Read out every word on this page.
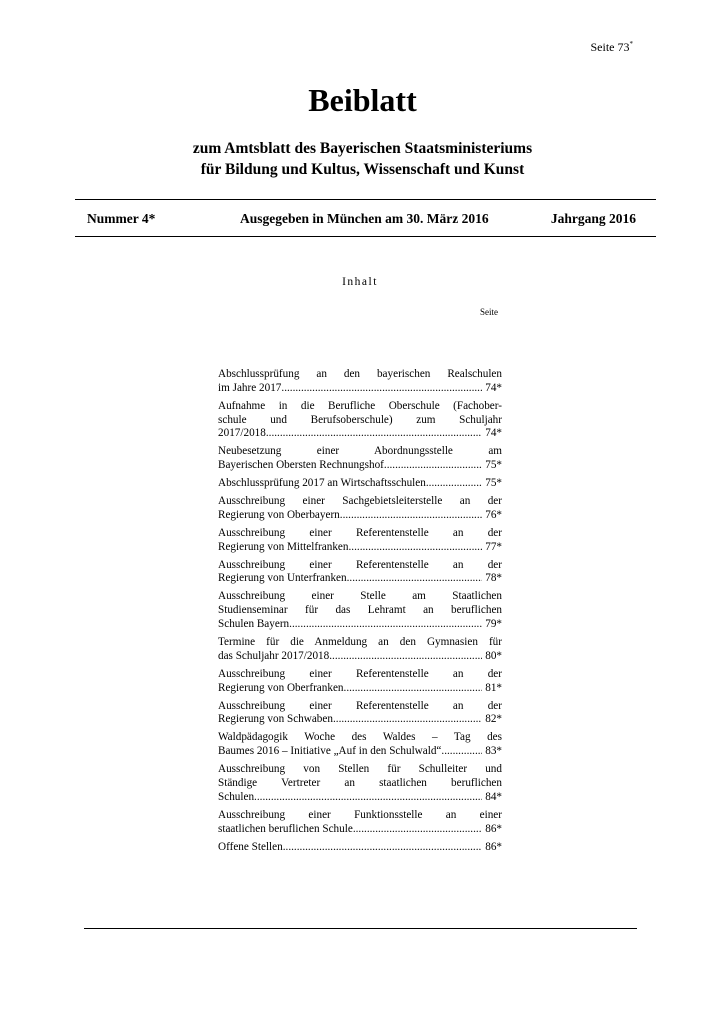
Seite 73*
Beiblatt
zum Amtsblatt des Bayerischen Staatsministeriums
für Bildung und Kultus, Wissenschaft und Kunst
Nummer 4*	Ausgegeben in München am 30. März 2016	Jahrgang 2016
Inhalt
Seite
Abschlussprüfung an den bayerischen Realschulen
im Jahre 2017 .....	74*
Aufnahme in die Berufliche Oberschule (Fachober-
schule und Berufsoberschule) zum Schuljahr
2017/2018 .....	74*
Neubesetzung einer Abordnungsstelle am
Bayerischen Obersten Rechnungshof .....	75*
Abschlussprüfung 2017 an Wirtschaftsschulen .....	75*
Ausschreibung einer Sachgebietsleiterstelle an der
Regierung von Oberbayern .....	76*
Ausschreibung einer Referentenstelle an der
Regierung von Mittelfranken .....	77*
Ausschreibung einer Referentenstelle an der
Regierung von Unterfranken .....	78*
Ausschreibung einer Stelle am Staatlichen
Studienseminar für das Lehramt an beruflichen
Schulen Bayern .....	79*
Termine für die Anmeldung an den Gymnasien für
das Schuljahr 2017/2018 .....	80*
Ausschreibung einer Referentenstelle an der
Regierung von Oberfranken .....	81*
Ausschreibung einer Referentenstelle an der
Regierung von Schwaben .....	82*
Waldpädagogik Woche des Waldes – Tag des
Baumes 2016 – Initiative „Auf in den Schulwald“ .....	83*
Ausschreibung von Stellen für Schulleiter und
Ständige Vertreter an staatlichen beruflichen
Schulen .....	84*
Ausschreibung einer Funktionsstelle an einer
staatlichen beruflichen Schule .....	86*
Offene Stellen .....	86*
